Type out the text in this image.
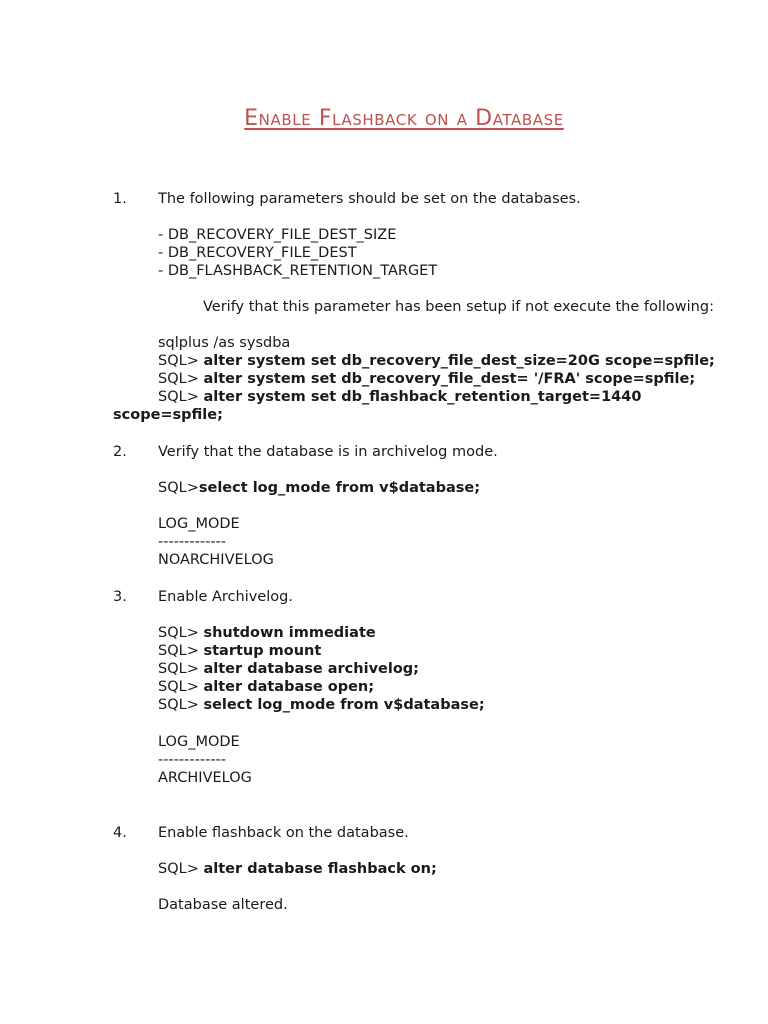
Enable Flashback on a Database
1. The following parameters should be set on the databases.
- DB_RECOVERY_FILE_DEST_SIZE
- DB_RECOVERY_FILE_DEST
- DB_FLASHBACK_RETENTION_TARGET
Verify that this parameter has been setup if not execute the following:
sqlplus /as sysdba
SQL> alter system set db_recovery_file_dest_size=20G scope=spfile;
SQL> alter system set db_recovery_file_dest= '/FRA' scope=spfile;
SQL> alter system set db_flashback_retention_target=1440
scope=spfile;
2. Verify that the database is in archivelog mode.
SQL>select log_mode from v$database;
LOG_MODE
-------------
NOARCHIVELOG
3. Enable Archivelog.
SQL> shutdown immediate
SQL> startup mount
SQL> alter database archivelog;
SQL> alter database open;
SQL> select log_mode from v$database;
LOG_MODE
-------------
ARCHIVELOG
4. Enable flashback on the database.
SQL> alter database flashback on;
Database altered.
